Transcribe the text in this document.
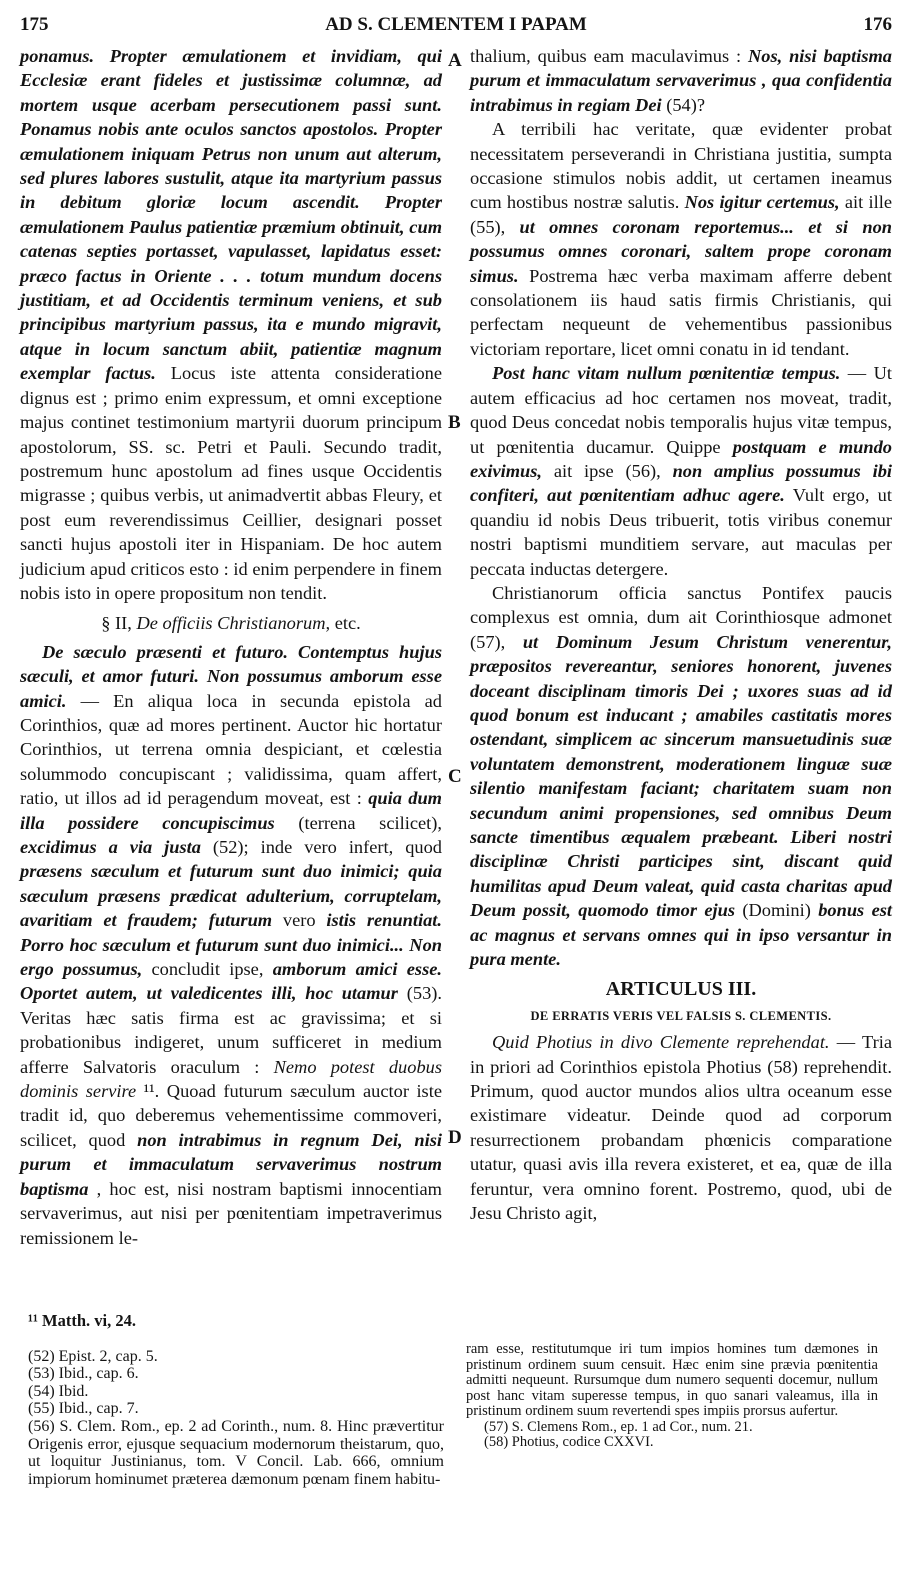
175	AD S. CLEMENTEM I PAPAM	176
A
B
C
D

ponamus. Propter æmulationem et invidiam, qui Ecclesiæ erant fideles et justissimæ columnæ, ad mortem usque acerbam persecutionem passi sunt. Ponamus nobis ante oculos sanctos apostolos. Propter æmulationem iniquam Petrus non unum aut alterum, sed plures labores sustulit, atque ita martyrium passus in debitum gloriæ locum ascendit. Propter æmulationem Paulus patientiæ præmium obtinuit, cum catenas septies portasset, vapulasset, lapidatus esset: præco factus in Oriente . . . totum mundum docens justitiam, et ad Occidentis terminum veniens, et sub principibus martyrium passus, ita e mundo migravit, atque in locum sanctum abiit, patientiæ magnum exemplar factus. Locus iste attenta consideratione dignus est ; primo enim expressum, et omni exceptione majus continet testimonium martyrii duorum principum apostolorum, SS. sc. Petri et Pauli. Secundo tradit, postremum hunc apostolum ad fines usque Occidentis migrasse ; quibus verbis, ut animadvertit abbas Fleury, et post eum reverendissimus Ceillier, designari posset sancti hujus apostoli iter in Hispaniam. De hoc autem judicium apud criticos esto : id enim perpendere in finem nobis isto in opere propositum non tendit.

§ II, De officiis Christianorum, etc.

De sæculo præsenti et futuro. Contemptus hujus sæculi, et amor futuri. Non possumus amborum esse amici. — En aliqua loca in secunda epistola ad Corinthios, quæ ad mores pertinent. Auctor hic hortatur Corinthios, ut terrena omnia despiciant, et cœlestia solummodo concupiscant ; validissima, quam affert, ratio, ut illos ad id peragendum moveat, est : quia dum illa possidere concupiscimus (terrena scilicet), excidimus a via justa (52); inde vero infert, quod præsens sæculum et futurum sunt duo inimici; quia sæculum præsens prædicat adulterium, corruptelam, avaritiam et fraudem; futurum vero istis renuntiat. Porro hoc sæculum et futurum sunt duo inimici... Non ergo possumus, concludit ipse, amborum amici esse. Oportet autem, ut valedicentes illi, hoc utamur (53). Veritas hæc satis firma est ac gravissima; et si probationibus indigeret, unum sufficeret in medium afferre Salvatoris oraculum : Nemo potest duobus dominis servire ¹¹. Quoad futurum sæculum auctor iste tradit id, quo deberemus vehementissime commoveri, scilicet, quod non intrabimus in regnum Dei, nisi purum et immaculatum servaverimus nostrum baptisma , hoc est, nisi nostram baptismi innocentiam servaverimus, aut nisi per pœnitentiam impetraverimus remissionem le-

thalium, quibus eam maculavimus : Nos, nisi baptisma purum et immaculatum servaverimus , qua confidentia intrabimus in regiam Dei (54)?

A terribili hac veritate, quæ evidenter probat necessitatem perseverandi in Christiana justitia, sumpta occasione stimulos nobis addit, ut certamen ineamus cum hostibus nostræ salutis. Nos igitur certemus, ait ille (55), ut omnes coronam reportemus... et si non possumus omnes coronari, saltem prope coronam simus. Postrema hæc verba maximam afferre debent consolationem iis haud satis firmis Christianis, qui perfectam nequeunt de vehementibus passionibus victoriam reportare, licet omni conatu in id tendant.

Post hanc vitam nullum pœnitentiæ tempus. — Ut autem efficacius ad hoc certamen nos moveat, tradit, quod Deus concedat nobis temporalis hujus vitæ tempus, ut pœnitentia ducamur. Quippe postquam e mundo exivimus, ait ipse (56), non amplius possumus ibi confiteri, aut pœnitentiam adhuc agere. Vult ergo, ut quandiu id nobis Deus tribuerit, totis viribus conemur nostri baptismi munditiem servare, aut maculas per peccata inductas detergere.

Christianorum officia sanctus Pontifex paucis complexus est omnia, dum ait Corinthiosque admonet (57), ut Dominum Jesum Christum venerentur, præpositos revereantur, seniores honorent, juvenes doceant disciplinam timoris Dei ; uxores suas ad id quod bonum est inducant ; amabiles castitatis mores ostendant, simplicem ac sincerum mansuetudinis suæ voluntatem demonstrent, moderationem linguæ suæ silentio manifestam faciant; charitatem suam non secundum animi propensiones, sed omnibus Deum sancte timentibus æqualem præbeant. Liberi nostri disciplinæ Christi participes sint, discant quid humilitas apud Deum valeat, quid casta charitas apud Deum possit, quomodo timor ejus (Domini) bonus est ac magnus et servans omnes qui in ipso versantur in pura mente.

ARTICULUS III.

DE ERRATIS VERIS VEL FALSIS S. CLEMENTIS.

Quid Photius in divo Clemente reprehendat. — Tria in priori ad Corinthios epistola Photius (58) reprehendit. Primum, quod auctor mundos alios ultra oceanum esse existimare videatur. Deinde quod ad corporum resurrectionem probandam phœnicis comparatione utatur, quasi avis illa revera existeret, et ea, quæ de illa feruntur, vera omnino forent. Postremo, quod, ubi de Jesu Christo agit,

¹¹ Matth. vi, 24.

(52) Epist. 2, cap. 5.

(53) Ibid., cap. 6.

(54) Ibid.

(55) Ibid., cap. 7.

(56) S. Clem. Rom., ep. 2 ad Corinth., num. 8. Hinc prævertitur Origenis error, ejusque sequacium modernorum theistarum, quo, ut loquitur Justinianus, tom. V Concil. Lab. 666, omnium impiorum hominumet præterea dæmonum pœnam finem habitu-

ram esse, restitutumque iri tum impios homines tum dæmones in pristinum ordinem suum censuit. Hæc enim sine prævia pœnitentia admitti nequeunt. Rursumque dum numero sequenti docemur, nullum post hanc vitam superesse tempus, in quo sanari valeamus, illa in pristinum ordinem suum revertendi spes impiis prorsus aufertur.

(57) S. Clemens Rom., ep. 1 ad Cor., num. 21.

(58) Photius, codice CXXVI.
